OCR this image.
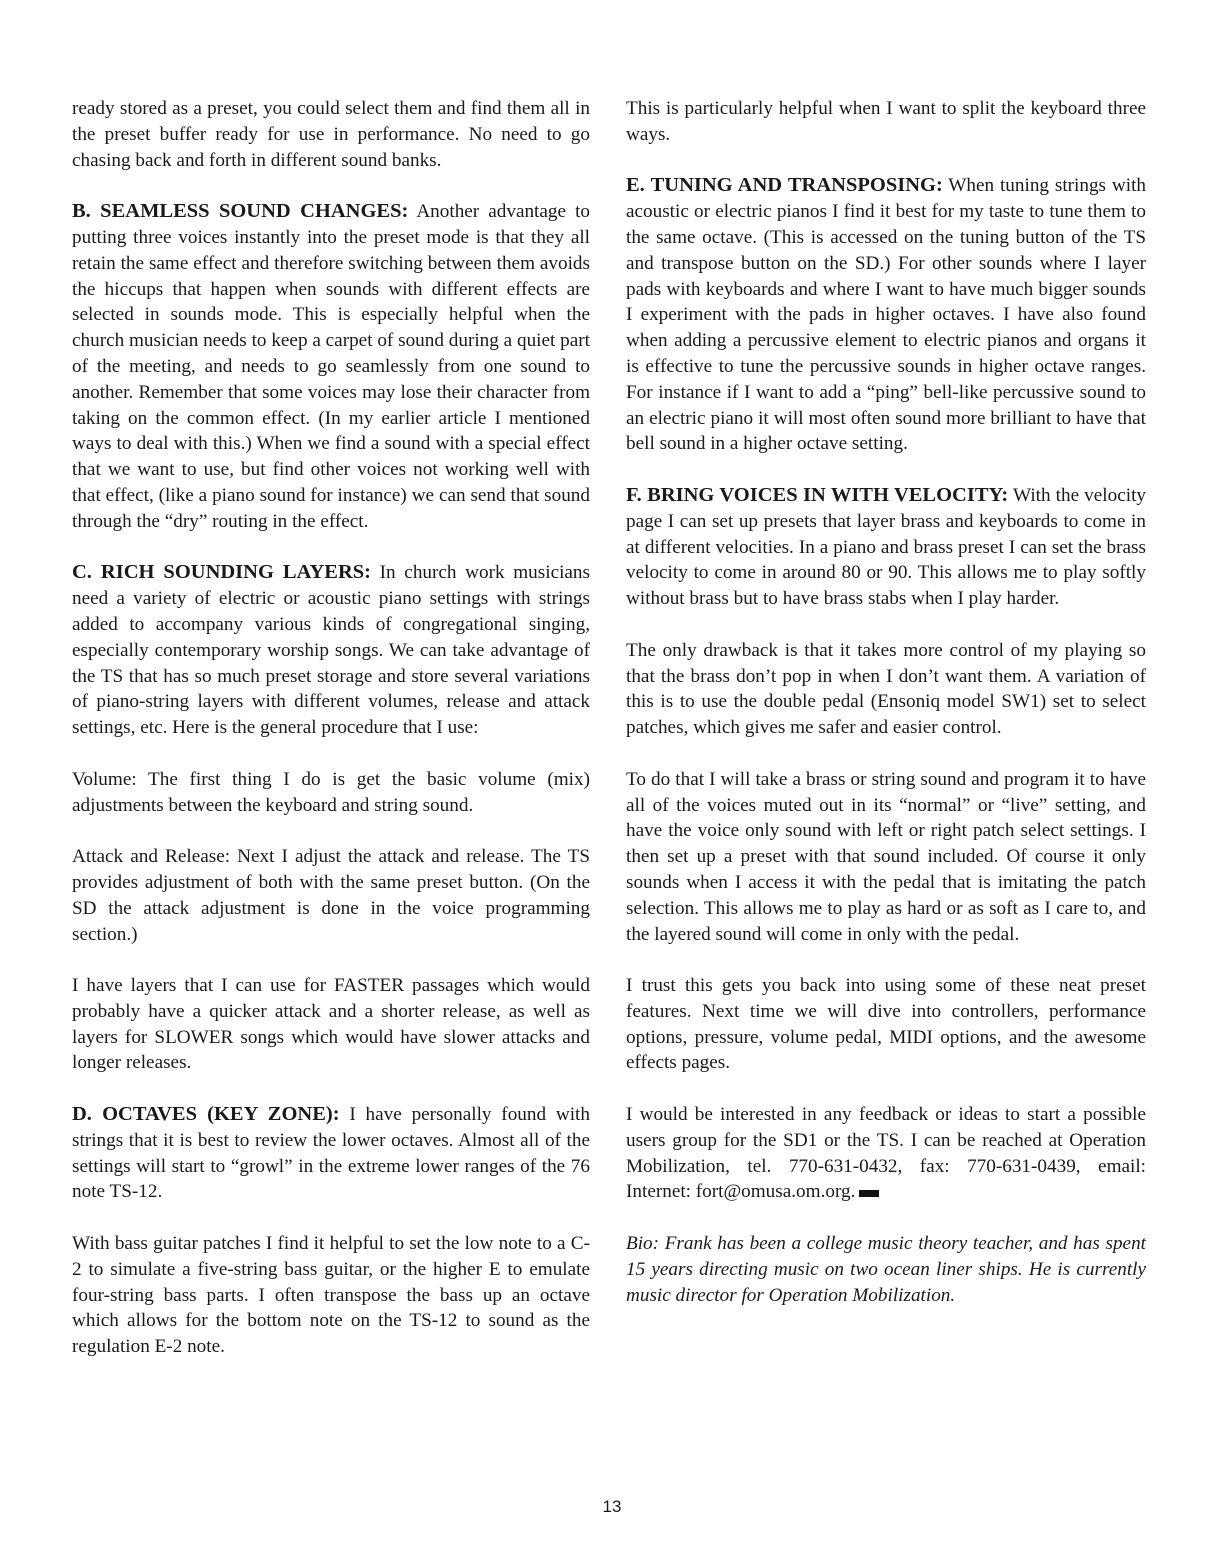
ready stored as a preset, you could select them and find them all in the preset buffer ready for use in performance. No need to go chasing back and forth in different sound banks.

B. SEAMLESS SOUND CHANGES: Another advantage to putting three voices instantly into the preset mode is that they all retain the same effect and therefore switching between them avoids the hiccups that happen when sounds with different effects are selected in sounds mode. This is especially helpful when the church musician needs to keep a carpet of sound during a quiet part of the meeting, and needs to go seamlessly from one sound to another. Remember that some voices may lose their character from taking on the common effect. (In my earlier article I mentioned ways to deal with this.) When we find a sound with a special effect that we want to use, but find other voices not working well with that effect, (like a piano sound for instance) we can send that sound through the “dry” routing in the effect.

C. RICH SOUNDING LAYERS: In church work musicians need a variety of electric or acoustic piano settings with strings added to accompany various kinds of congregational singing, especially contemporary worship songs. We can take advantage of the TS that has so much preset storage and store several variations of piano-string layers with different volumes, release and attack settings, etc. Here is the general procedure that I use:

Volume: The first thing I do is get the basic volume (mix) adjustments between the keyboard and string sound.

Attack and Release: Next I adjust the attack and release. The TS provides adjustment of both with the same preset button. (On the SD the attack adjustment is done in the voice programming section.)

I have layers that I can use for FASTER passages which would probably have a quicker attack and a shorter release, as well as layers for SLOWER songs which would have slower attacks and longer releases.

D. OCTAVES (KEY ZONE): I have personally found with strings that it is best to review the lower octaves. Almost all of the settings will start to “growl” in the extreme lower ranges of the 76 note TS-12.

With bass guitar patches I find it helpful to set the low note to a C-2 to simulate a five-string bass guitar, or the higher E to emulate four-string bass parts. I often transpose the bass up an octave which allows for the bottom note on the TS-12 to sound as the regulation E-2 note.

This is particularly helpful when I want to split the keyboard three ways.

E. TUNING AND TRANSPOSING: When tuning strings with acoustic or electric pianos I find it best for my taste to tune them to the same octave. (This is accessed on the tuning button of the TS and transpose button on the SD.) For other sounds where I layer pads with keyboards and where I want to have much bigger sounds I experiment with the pads in higher octaves. I have also found when adding a percussive element to electric pianos and organs it is effective to tune the percussive sounds in higher octave ranges. For instance if I want to add a “ping” bell-like percussive sound to an electric piano it will most often sound more brilliant to have that bell sound in a higher octave setting.

F. BRING VOICES IN WITH VELOCITY: With the velocity page I can set up presets that layer brass and keyboards to come in at different velocities. In a piano and brass preset I can set the brass velocity to come in around 80 or 90. This allows me to play softly without brass but to have brass stabs when I play harder.

The only drawback is that it takes more control of my playing so that the brass don’t pop in when I don’t want them. A variation of this is to use the double pedal (Ensoniq model SW1) set to select patches, which gives me safer and easier control.

To do that I will take a brass or string sound and program it to have all of the voices muted out in its “normal” or “live” setting, and have the voice only sound with left or right patch select settings. I then set up a preset with that sound included. Of course it only sounds when I access it with the pedal that is imitating the patch selection. This allows me to play as hard or as soft as I care to, and the layered sound will come in only with the pedal.

I trust this gets you back into using some of these neat preset features. Next time we will dive into controllers, performance options, pressure, volume pedal, MIDI options, and the awesome effects pages.

I would be interested in any feedback or ideas to start a possible users group for the SD1 or the TS. I can be reached at Operation Mobilization, tel. 770-631-0432, fax: 770-631-0439, email: Internet: fort@omusa.om.org.

Bio: Frank has been a college music theory teacher, and has spent 15 years directing music on two ocean liner ships. He is currently music director for Operation Mobilization.

13
